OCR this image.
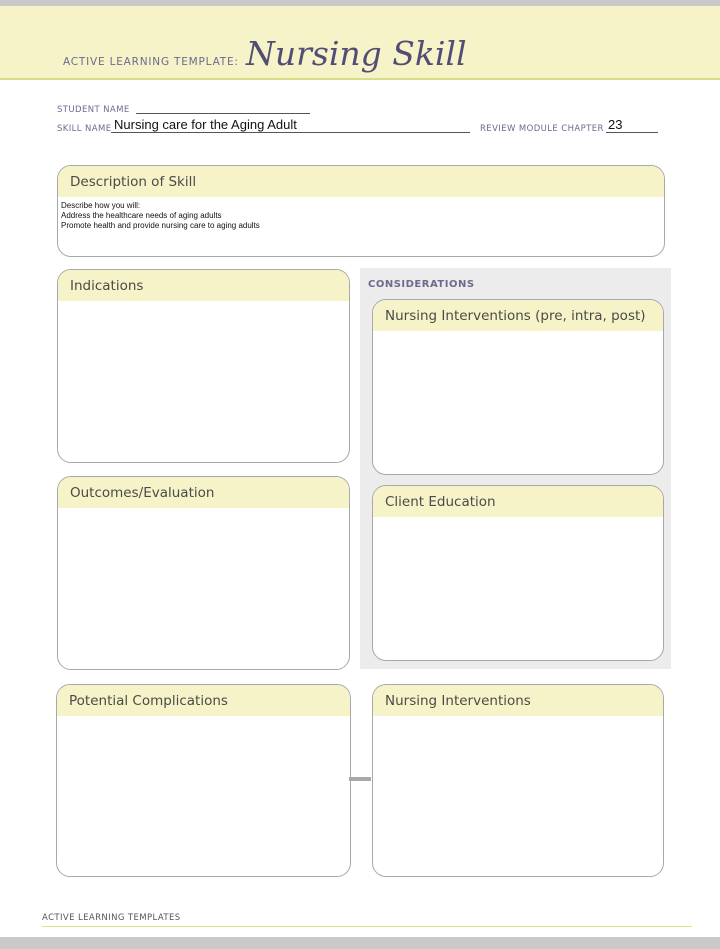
ACTIVE LEARNING TEMPLATE: Nursing Skill
STUDENT NAME
SKILL NAME Nursing care for the Aging Adult	REVIEW MODULE CHAPTER 23
Description of Skill
Describe how you will:
Address the healthcare needs of aging adults
Promote health and provide nursing care to aging adults
Indications
Outcomes/Evaluation
CONSIDERATIONS
Nursing Interventions (pre, intra, post)
Client Education
Potential Complications	Nursing Interventions
ACTIVE LEARNING TEMPLATES
